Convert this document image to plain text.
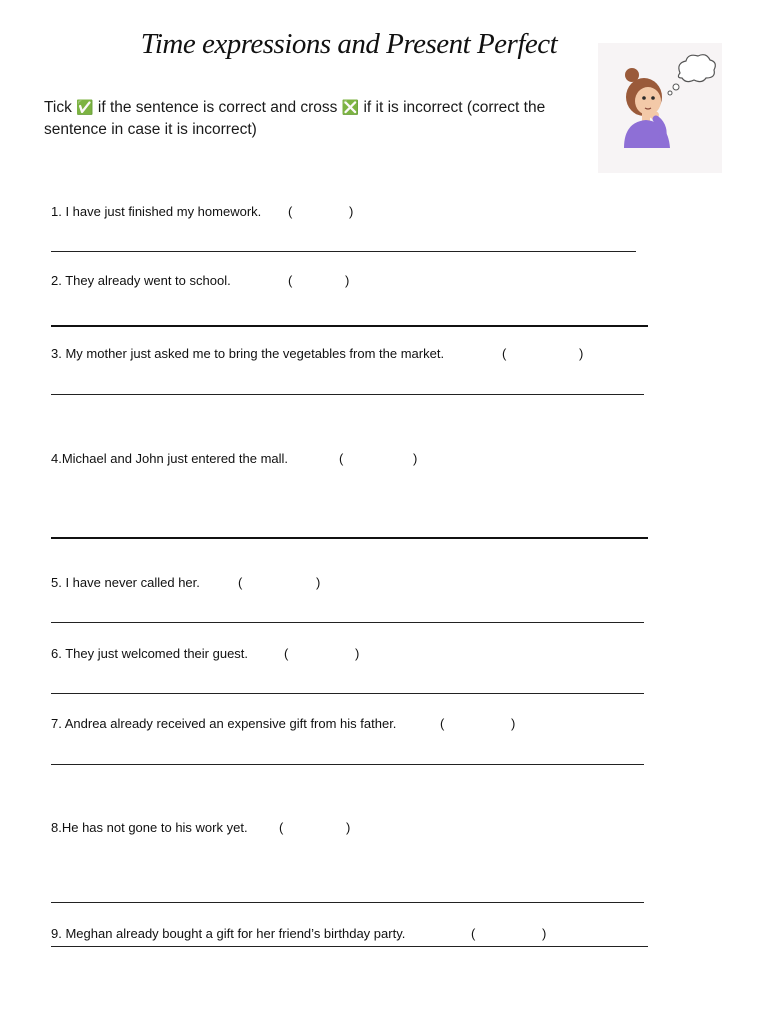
Time expressions and Present Perfect
Tick ✅ if the sentence is correct and cross ❎ if it is incorrect (correct the sentence in case it is incorrect)
1. I have just finished my homework. (	)
2. They already went to school.	(	)
3. My mother just asked me to bring the vegetables from the market.	(	)
4.Michael and John just entered the mall.	(	)
5. I have never called her.	(	)
6. They just welcomed their guest.	(	)
7. Andrea already received an expensive gift from his father.	(	)
8.He has not gone to his work yet. (	)
9. Meghan already bought a gift for her friend’s birthday party.	(	)
